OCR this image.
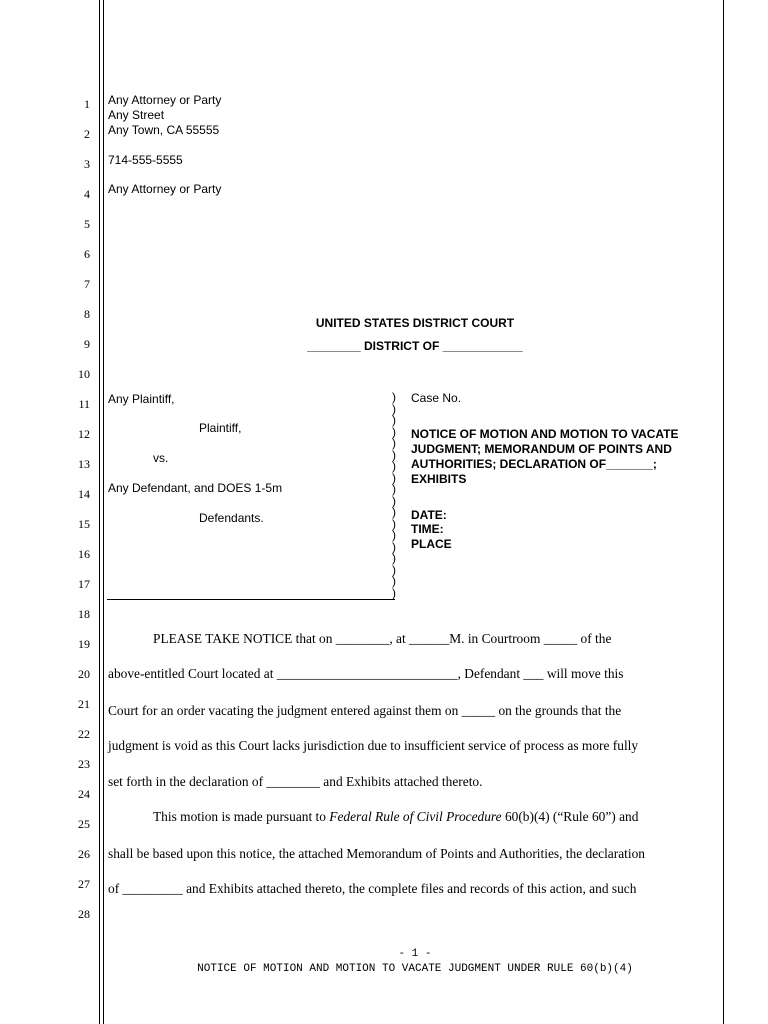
1
2
3
4
5
6
7
8
9
10
11
12
13
14
15
16
17
18
19
20
21
22
23
24
25
26
27
28
Any Attorney or Party
Any Street
Any Town, CA 55555
714-555-5555
Any Attorney or Party
UNITED STATES DISTRICT COURT
________ DISTRICT OF ____________
Any Plaintiff,
Plaintiff,
vs.
Any Defendant, and DOES 1-5m
Defendants.
)
)
)
)
)
)
)
)
)
)
)
)
)
)
)
)
)
)
Case No.
NOTICE OF MOTION AND MOTION TO VACATE
JUDGMENT; MEMORANDUM OF POINTS AND
AUTHORITIES; DECLARATION OF_______;
EXHIBITS
DATE:
TIME:
PLACE
PLEASE TAKE NOTICE that on ________, at ______M. in Courtroom _____ of the
above-entitled Court located at ___________________________, Defendant ___ will move this
Court for an order vacating the judgment entered against them on _____ on the grounds that the
judgment is void as this Court lacks jurisdiction due to insufficient service of process as more fully
set forth in the declaration of ________ and Exhibits attached thereto.
This motion is made pursuant to Federal Rule of Civil Procedure 60(b)(4) (“Rule 60”) and
shall be based upon this notice, the attached Memorandum of Points and Authorities, the declaration
of _________ and Exhibits attached thereto, the complete files and records of this action, and such
- 1 -
NOTICE OF MOTION AND MOTION TO VACATE JUDGMENT UNDER RULE 60(b)(4)
